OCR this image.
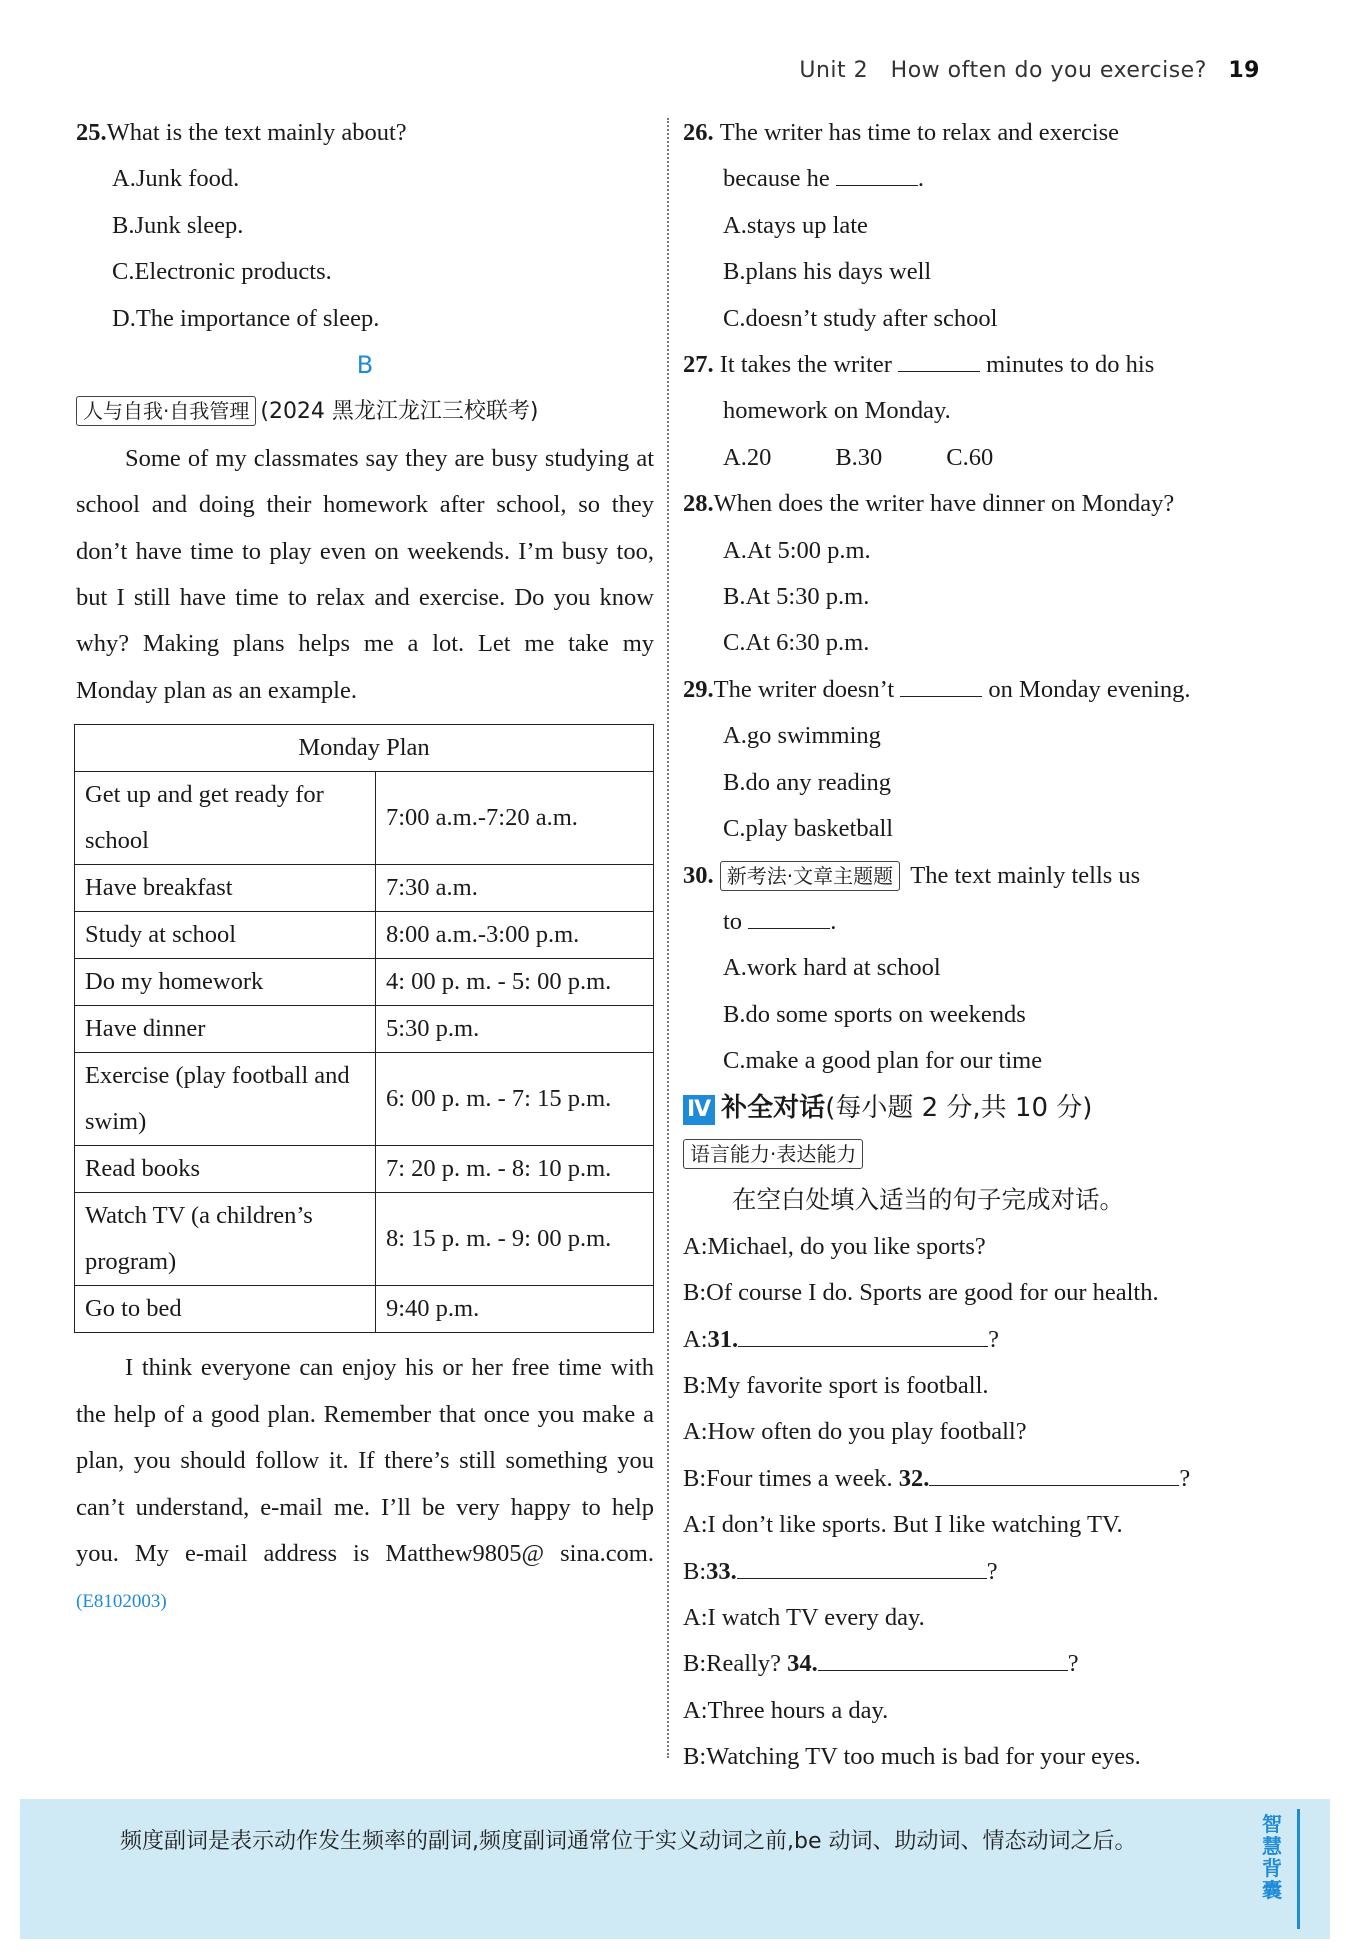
Unit 2 How often do you exercise? 19
25.What is the text mainly about?
A.Junk food.
B.Junk sleep.
C.Electronic products.
D.The importance of sleep.
B
人与自我·自我管理 (2024 黑龙江龙江三校联考)
Some of my classmates say they are busy studying at school and doing their homework after school, so they don’t have time to play even on weekends. I’m busy too, but I still have time to relax and exercise. Do you know why? Making plans helps me a lot. Let me take my Monday plan as an example.
Monday Plan	
Get up and get ready for school	7:00 a.m.-7:20 a.m.
Have breakfast	7:30 a.m.
Study at school	8:00 a.m.-3:00 p.m.
Do my homework	4: 00 p. m. - 5: 00 p.m.
Have dinner	5:30 p.m.
Exercise (play football and swim)	6: 00 p. m. - 7: 15 p.m.
Read books	7: 20 p. m. - 8: 10 p.m.
Watch TV (a children’s program)	8: 15 p. m. - 9: 00 p.m.
Go to bed	9:40 p.m.
I think everyone can enjoy his or her free time with the help of a good plan. Remember that once you make a plan, you should follow it. If there’s still something you can’t understand, e-mail me. I’ll be very happy to help you. My e-mail address is Matthew9805@ sina.com.(E8102003)
26. The writer has time to relax and exercise
because he	.
A.stays up late
B.plans his days well
C.doesn’t study after school
27. It takes the writer	minutes to do his
homework on Monday.
A.20	B.30	C.60
28.When does the writer have dinner on Monday?
A.At 5:00 p.m.
B.At 5:30 p.m.
C.At 6:30 p.m.
29.The writer doesn’t	on Monday evening.
A.go swimming
B.do any reading
C.play basketball
30. 新考法·文章主题题 The text mainly tells us
to	.
A.work hard at school
B.do some sports on weekends
C.make a good plan for our time
Ⅳ 补全对话(每小题 2 分,共 10 分)
语言能力·表达能力
在空白处填入适当的句子完成对话。
A:Michael, do you like sports?
B:Of course I do. Sports are good for our health.
A:31.	?
B:My favorite sport is football.
A:How often do you play football?
B:Four times a week. 32.	?
A:I don’t like sports. But I like watching TV.
B:33.	?
A:I watch TV every day.
B:Really? 34.	?
A:Three hours a day.
B:Watching TV too much is bad for your eyes.
频度副词是表示动作发生频率的副词,频度副词通常位于实义动词之前,be 动词、助动词、情态动词之后。
智慧背囊
